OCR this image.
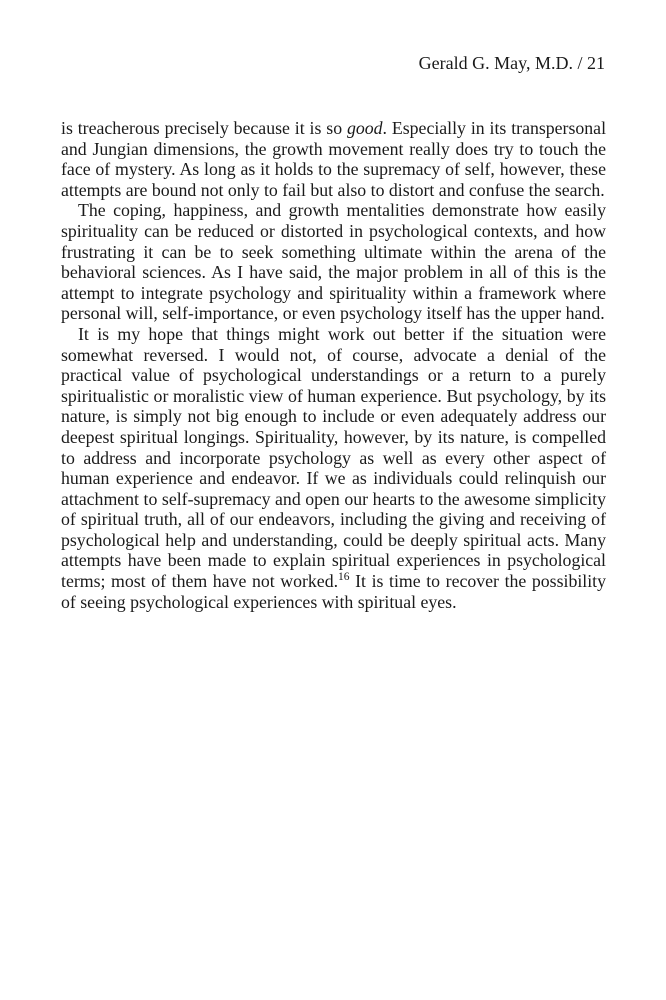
Gerald G. May, M.D. / 21

is treacherous precisely because it is so good. Especially in its transpersonal and Jungian dimensions, the growth movement really does try to touch the face of mystery. As long as it holds to the supremacy of self, however, these attempts are bound not only to fail but also to distort and confuse the search.

The coping, happiness, and growth mentalities demonstrate how easily spirituality can be reduced or distorted in psychological contexts, and how frustrating it can be to seek something ultimate within the arena of the behavioral sciences. As I have said, the major problem in all of this is the attempt to integrate psychology and spirituality within a framework where personal will, self-importance, or even psychology itself has the upper hand.

It is my hope that things might work out better if the situation were somewhat reversed. I would not, of course, advocate a denial of the practical value of psychological understandings or a return to a purely spiritualistic or moralistic view of human experience. But psychology, by its nature, is simply not big enough to include or even adequately address our deepest spiritual longings. Spirituality, however, by its nature, is compelled to address and incorporate psychology as well as every other aspect of human experience and endeavor. If we as individuals could relinquish our attachment to self-supremacy and open our hearts to the awesome simplicity of spiritual truth, all of our endeavors, including the giving and receiving of psychological help and understanding, could be deeply spiritual acts. Many attempts have been made to explain spiritual experiences in psychological terms; most of them have not worked.$^{16}$ It is time to recover the possibility of seeing psychological experiences with spiritual eyes.
